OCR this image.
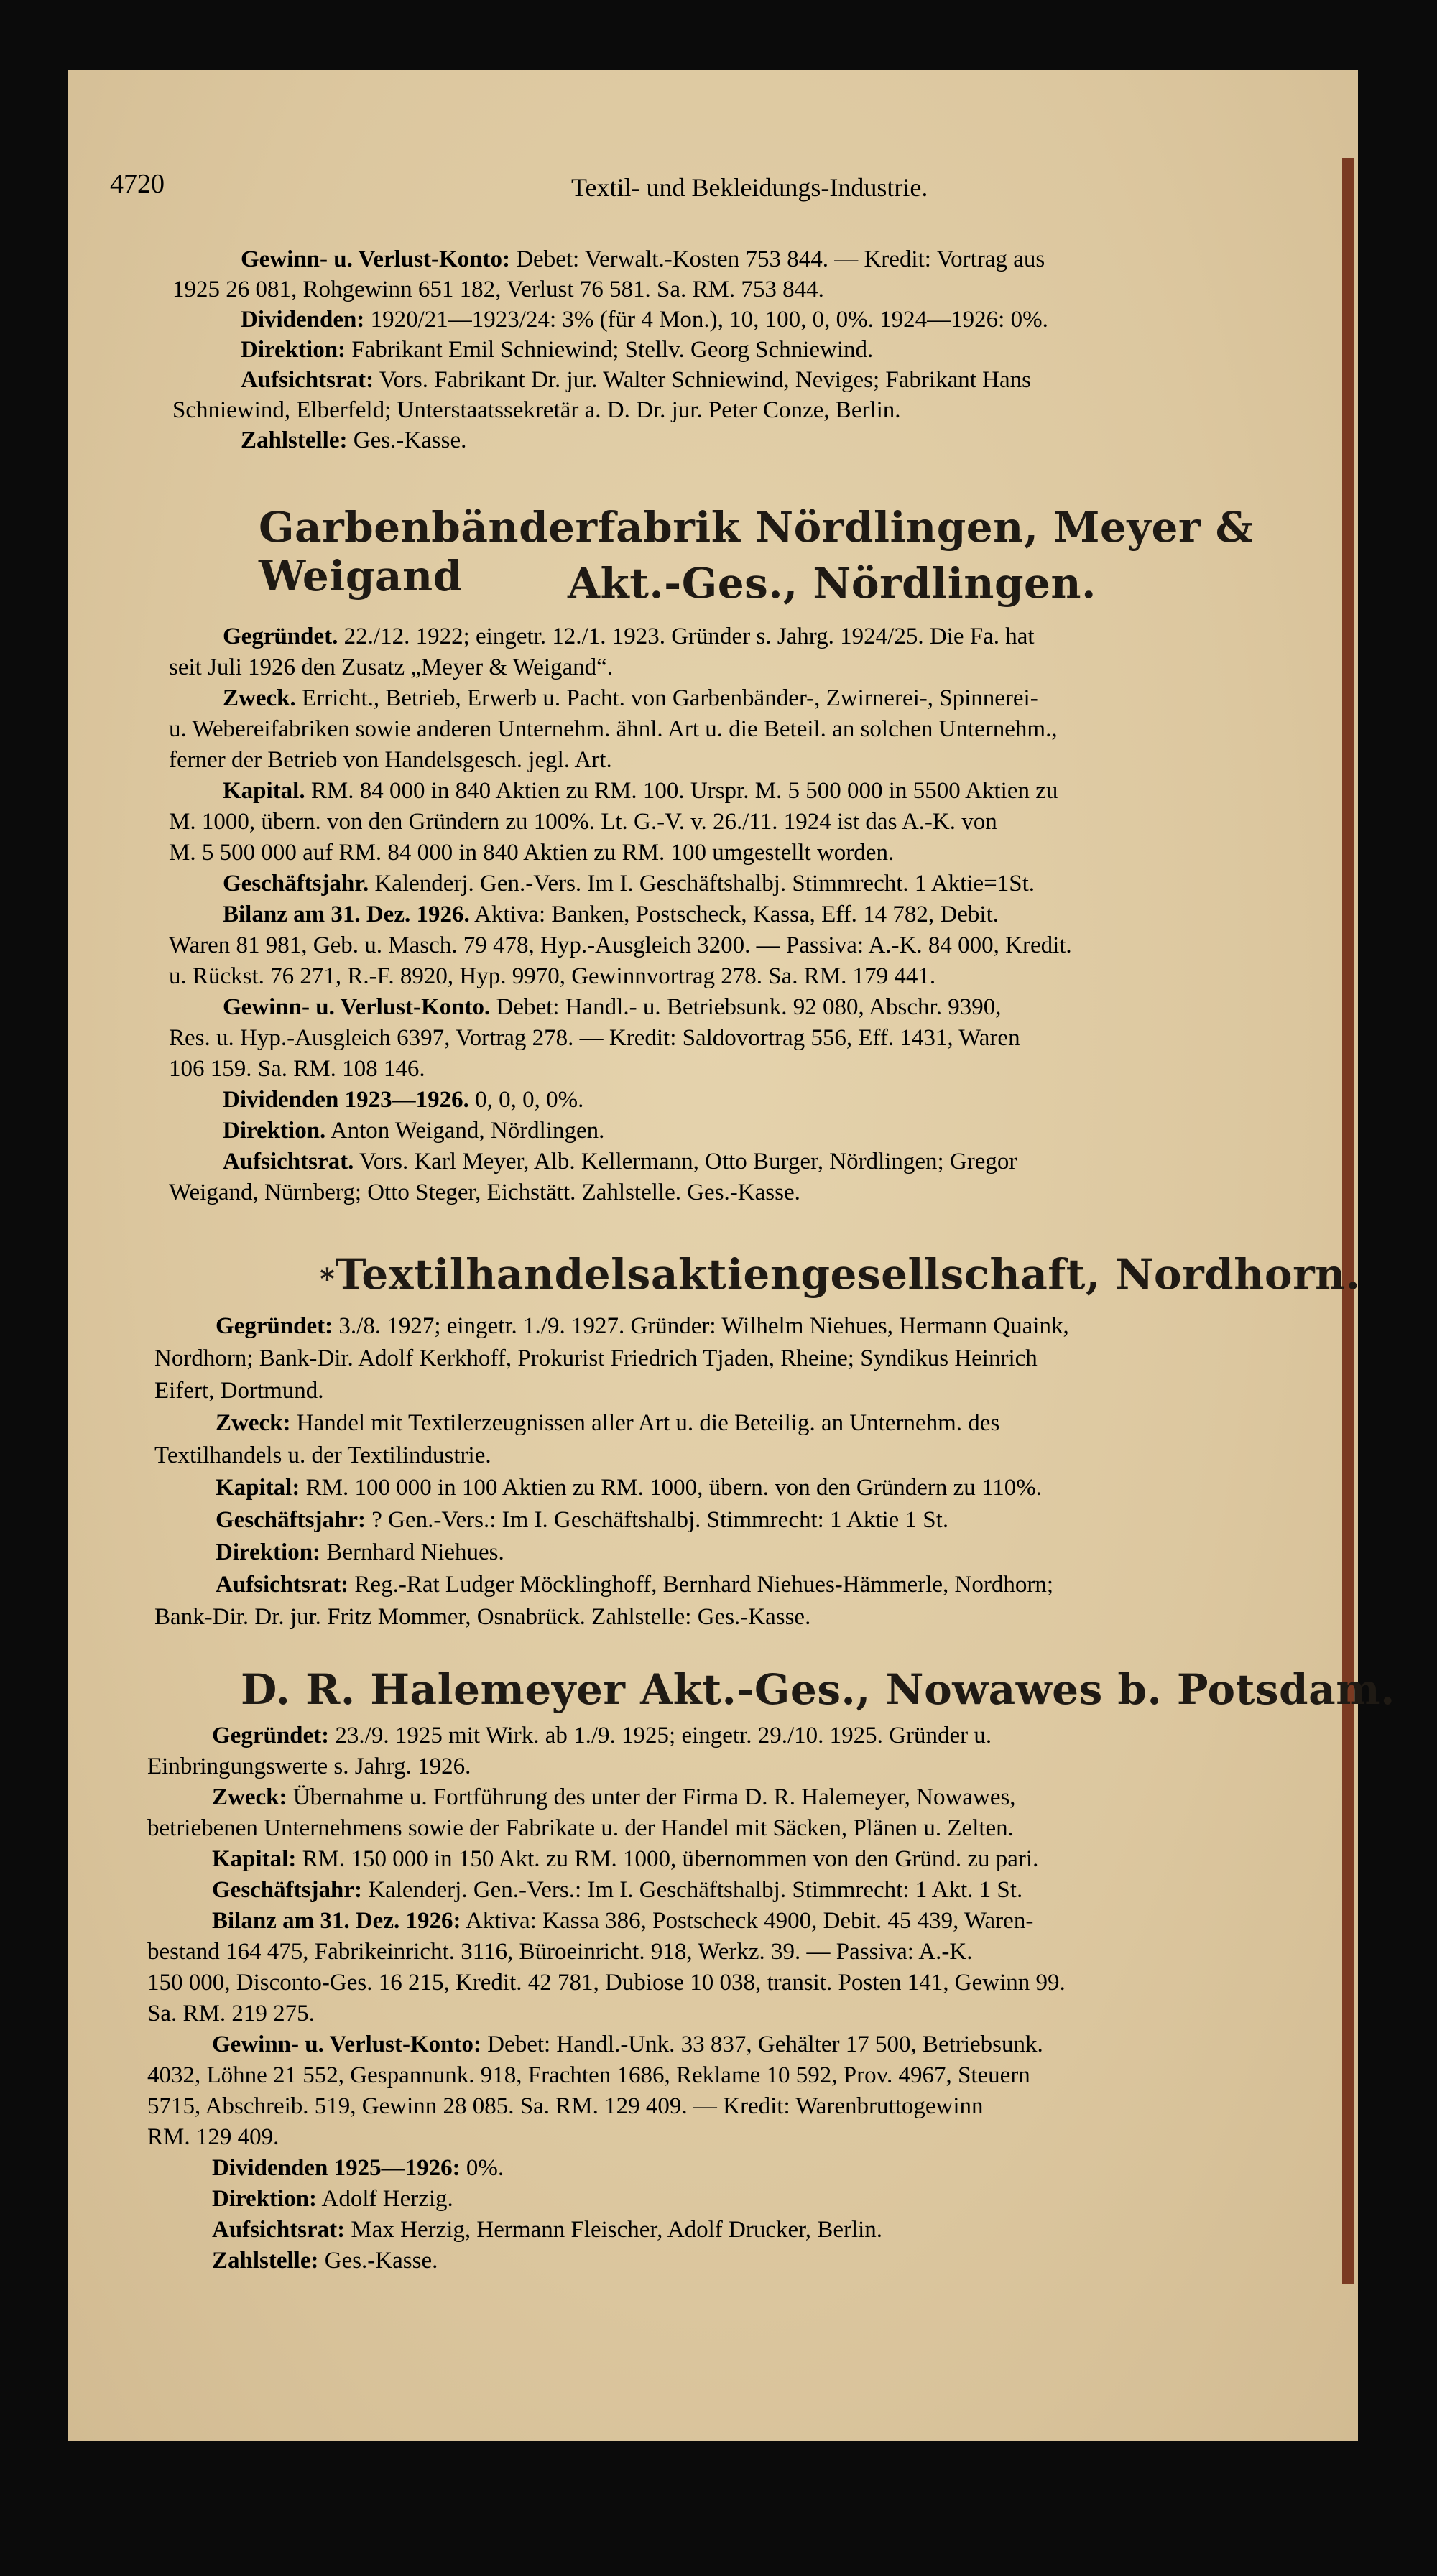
4720	Textil- und Bekleidungs-Industrie.
Gewinn- u. Verlust-Konto: Debet: Verwalt.-Kosten 753 844. — Kredit: Vortrag aus
1925 26 081, Rohgewinn 651 182, Verlust 76 581. Sa. RM. 753 844.
Dividenden: 1920/21—1923/24: 3% (für 4 Mon.), 10, 100, 0, 0%. 1924—1926: 0%.
Direktion: Fabrikant Emil Schniewind; Stellv. Georg Schniewind.
Aufsichtsrat: Vors. Fabrikant Dr. jur. Walter Schniewind, Neviges; Fabrikant Hans
Schniewind, Elberfeld; Unterstaatssekretär a. D. Dr. jur. Peter Conze, Berlin.
Zahlstelle: Ges.-Kasse.
Garbenbänderfabrik Nördlingen, Meyer & Weigand	Akt.-Ges., Nördlingen.
Gegründet. 22./12. 1922; eingetr. 12./1. 1923. Gründer s. Jahrg. 1924/25. Die Fa. hat
seit Juli 1926 den Zusatz „Meyer & Weigand“.
Zweck. Erricht., Betrieb, Erwerb u. Pacht. von Garbenbänder-, Zwirnerei-, Spinnerei-
u. Webereifabriken sowie anderen Unternehm. ähnl. Art u. die Beteil. an solchen Unternehm.,
ferner der Betrieb von Handelsgesch. jegl. Art.
Kapital. RM. 84 000 in 840 Aktien zu RM. 100. Urspr. M. 5 500 000 in 5500 Aktien zu
M. 1000, übern. von den Gründern zu 100%. Lt. G.-V. v. 26./11. 1924 ist das A.-K. von
M. 5 500 000 auf RM. 84 000 in 840 Aktien zu RM. 100 umgestellt worden.
Geschäftsjahr. Kalenderj. Gen.-Vers. Im I. Geschäftshalbj. Stimmrecht. 1 Aktie=1St.
Bilanz am 31. Dez. 1926. Aktiva: Banken, Postscheck, Kassa, Eff. 14 782, Debit.
Waren 81 981, Geb. u. Masch. 79 478, Hyp.-Ausgleich 3200. — Passiva: A.-K. 84 000, Kredit.
u. Rückst. 76 271, R.-F. 8920, Hyp. 9970, Gewinnvortrag 278. Sa. RM. 179 441.
Gewinn- u. Verlust-Konto. Debet: Handl.- u. Betriebsunk. 92 080, Abschr. 9390,
Res. u. Hyp.-Ausgleich 6397, Vortrag 278. — Kredit: Saldovortrag 556, Eff. 1431, Waren
106 159. Sa. RM. 108 146.
Dividenden 1923—1926. 0, 0, 0, 0%.
Direktion. Anton Weigand, Nördlingen.
Aufsichtsrat. Vors. Karl Meyer, Alb. Kellermann, Otto Burger, Nördlingen; Gregor
Weigand, Nürnberg; Otto Steger, Eichstätt. Zahlstelle. Ges.-Kasse.
*Textilhandelsaktiengesellschaft, Nordhorn.
Gegründet: 3./8. 1927; eingetr. 1./9. 1927. Gründer: Wilhelm Niehues, Hermann Quaink,
Nordhorn; Bank-Dir. Adolf Kerkhoff, Prokurist Friedrich Tjaden, Rheine; Syndikus Heinrich
Eifert, Dortmund.
Zweck: Handel mit Textilerzeugnissen aller Art u. die Beteilig. an Unternehm. des
Textilhandels u. der Textilindustrie.
Kapital: RM. 100 000 in 100 Aktien zu RM. 1000, übern. von den Gründern zu 110%.
Geschäftsjahr: ? Gen.-Vers.: Im I. Geschäftshalbj. Stimmrecht: 1 Aktie 1 St.
Direktion: Bernhard Niehues.
Aufsichtsrat: Reg.-Rat Ludger Möcklinghoff, Bernhard Niehues-Hämmerle, Nordhorn;
Bank-Dir. Dr. jur. Fritz Mommer, Osnabrück. Zahlstelle: Ges.-Kasse.
D. R. Halemeyer Akt.-Ges., Nowawes b. Potsdam.
Gegründet: 23./9. 1925 mit Wirk. ab 1./9. 1925; eingetr. 29./10. 1925. Gründer u.
Einbringungswerte s. Jahrg. 1926.
Zweck: Übernahme u. Fortführung des unter der Firma D. R. Halemeyer, Nowawes,
betriebenen Unternehmens sowie der Fabrikate u. der Handel mit Säcken, Plänen u. Zelten.
Kapital: RM. 150 000 in 150 Akt. zu RM. 1000, übernommen von den Gründ. zu pari.
Geschäftsjahr: Kalenderj. Gen.-Vers.: Im I. Geschäftshalbj. Stimmrecht: 1 Akt. 1 St.
Bilanz am 31. Dez. 1926: Aktiva: Kassa 386, Postscheck 4900, Debit. 45 439, Waren-
bestand 164 475, Fabrikeinricht. 3116, Büroeinricht. 918, Werkz. 39. — Passiva: A.-K.
150 000, Disconto-Ges. 16 215, Kredit. 42 781, Dubiose 10 038, transit. Posten 141, Gewinn 99.
Sa. RM. 219 275.
Gewinn- u. Verlust-Konto: Debet: Handl.-Unk. 33 837, Gehälter 17 500, Betriebsunk.
4032, Löhne 21 552, Gespannunk. 918, Frachten 1686, Reklame 10 592, Prov. 4967, Steuern
5715, Abschreib. 519, Gewinn 28 085. Sa. RM. 129 409. — Kredit: Warenbruttogewinn
RM. 129 409.
Dividenden 1925—1926: 0%.
Direktion: Adolf Herzig.
Aufsichtsrat: Max Herzig, Hermann Fleischer, Adolf Drucker, Berlin.
Zahlstelle: Ges.-Kasse.
